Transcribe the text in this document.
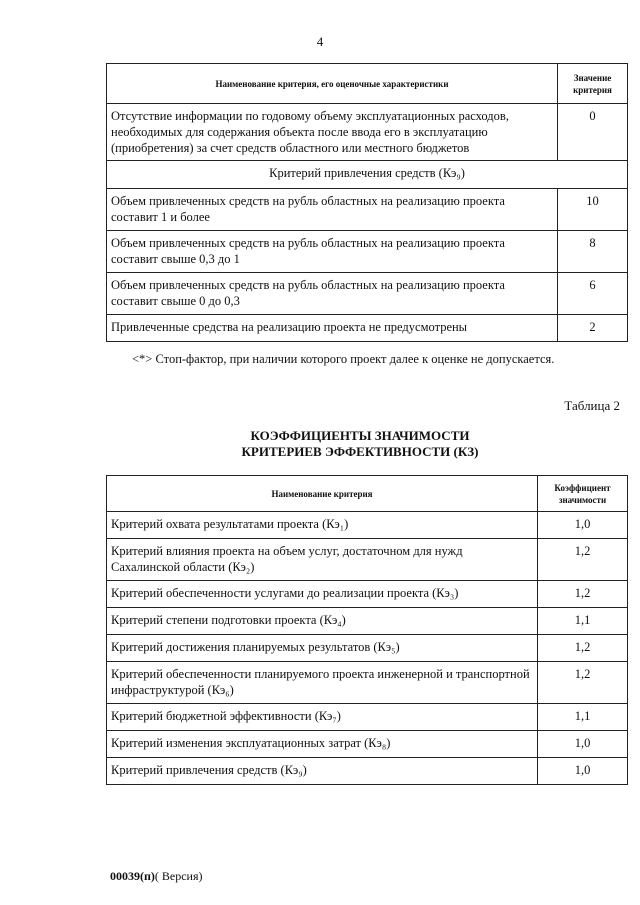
4
Наименование критерия, его оценочные характеристики	Значение критерия
Отсутствие информации по годовому объему эксплуатационных расходов, необходимых для содержания объекта после ввода его в эксплуатацию (приобретения) за счет средств областного или местного бюджетов	0
Критерий привлечения средств (Кэ₉)	
Объем привлеченных средств на рубль областных на реализацию проекта составит 1 и более	10
Объем привлеченных средств на рубль областных на реализацию проекта составит свыше 0,3 до 1	8
Объем привлеченных средств на рубль областных на реализацию проекта составит свыше 0 до 0,3	6
Привлеченные средства на реализацию проекта не предусмотрены	2
<*> Стоп-фактор, при наличии которого проект далее к оценке не допускается.
Таблица 2
КОЭФФИЦИЕНТЫ ЗНАЧИМОСТИ
КРИТЕРИЕВ ЭФФЕКТИВНОСТИ (КЗ)
Наименование критерия	Коэффициент значимости
Критерий охвата результатами проекта (Кэ₁)	1,0
Критерий влияния проекта на объем услуг, достаточном для нужд Сахалинской области (Кэ₂)	1,2
Критерий обеспеченности услугами до реализации проекта (Кэ₃)	1,2
Критерий степени подготовки проекта (Кэ₄)	1,1
Критерий достижения планируемых результатов (Кэ₅)	1,2
Критерий обеспеченности планируемого проекта инженерной и транспортной инфраструктурой (Кэ₆)	1,2
Критерий бюджетной эффективности (Кэ₇)	1,1
Критерий изменения эксплуатационных затрат (Кэ₈)	1,0
Критерий привлечения средств (Кэ₉)	1,0
00039(п)( Версия)
